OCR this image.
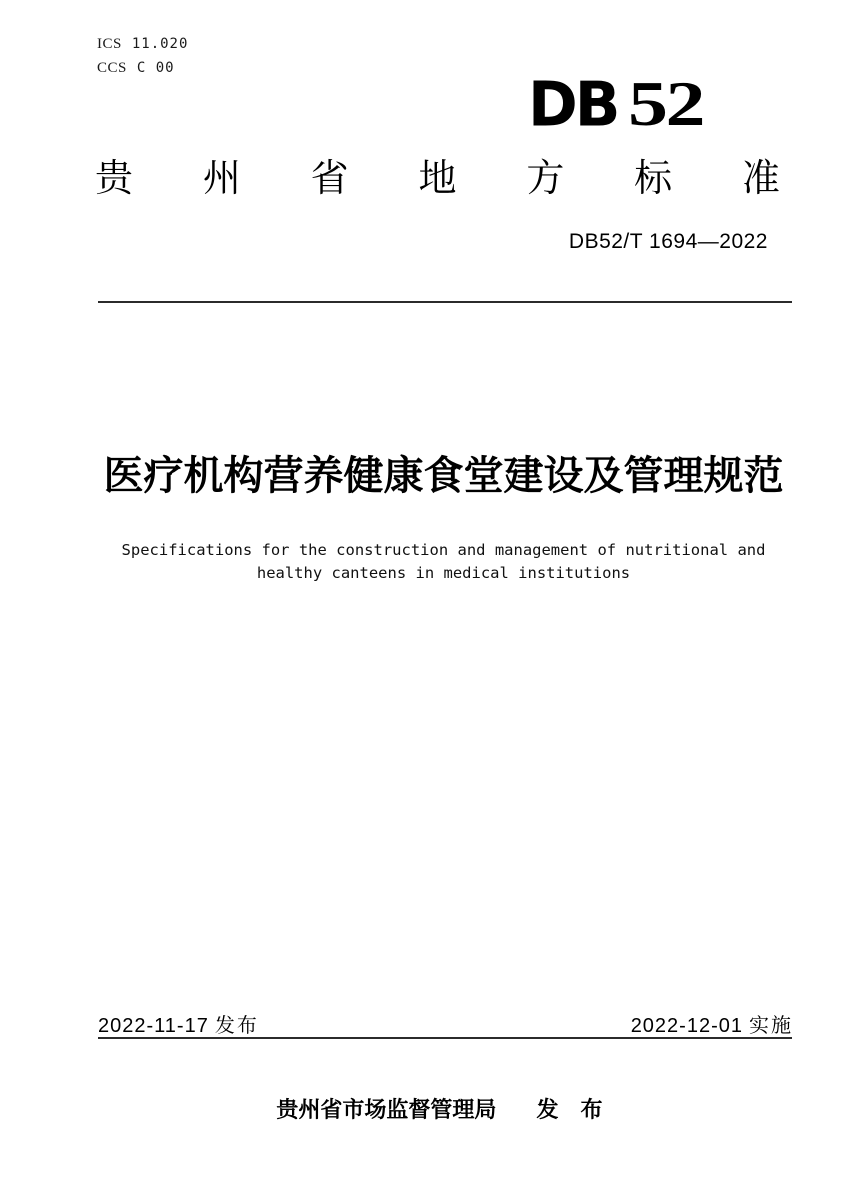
ICS 11.020
CCS C 00
DB 52
贵 州 省 地 方 标 准
DB52/T 1694—2022
医疗机构营养健康食堂建设及管理规范
Specifications for the construction and management of nutritional and
healthy canteens in medical institutions
2022-11-17 发布	2022-12-01 实施
贵州省市场监督管理局 发 布
